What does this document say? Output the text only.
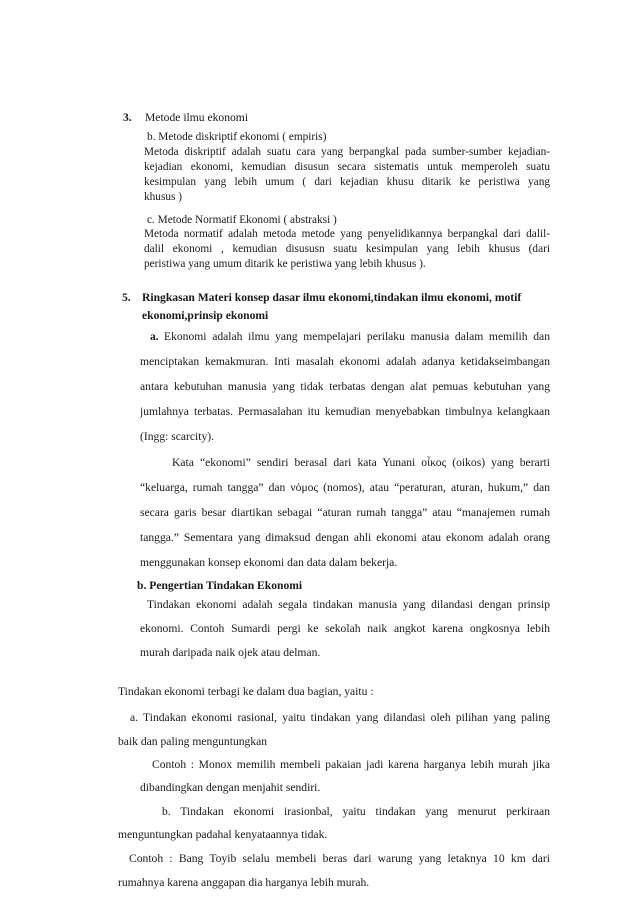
3. Metode ilmu ekonomi

b. Metode diskriptif ekonomi ( empiris)

Metoda diskriptif adalah suatu cara yang berpangkal pada sumber-sumber kejadian-

kejadian ekonomi, kemudian disusun secara sistematis untuk memperoleh suatu

kesimpulan yang lebih umum ( dari kejadian khusu ditarik ke peristiwa yang

khusus )

c. Metode Normatif Ekonomi ( abstraksi )

Metoda normatif adalah metoda metode yang penyelidikannya berpangkal dari dalil-

dalil ekonomi , kemudian disususn suatu kesimpulan yang lebih khusus (dari

peristiwa yang umum ditarik ke peristiwa yang lebih khusus ).

5. Ringkasan Materi konsep dasar ilmu ekonomi,tindakan ilmu ekonomi, motif

ekonomi,prinsip ekonomi

a. Ekonomi adalah ilmu yang mempelajari perilaku manusia dalam memilih dan

menciptakan kemakmuran. Inti masalah ekonomi adalah adanya ketidakseimbangan

antara kebutuhan manusia yang tidak terbatas dengan alat pemuas kebutuhan yang

jumlahnya terbatas. Permasalahan itu kemudian menyebabkan timbulnya kelangkaan

(Ingg: scarcity).

Kata “ekonomi” sendiri berasal dari kata Yunani οἶκος (oikos) yang berarti

“keluarga, rumah tangga” dan νόμος (nomos), atau “peraturan, aturan, hukum,” dan

secara garis besar diartikan sebagai “aturan rumah tangga” atau “manajemen rumah

tangga.” Sementara yang dimaksud dengan ahli ekonomi atau ekonom adalah orang

menggunakan konsep ekonomi dan data dalam bekerja.

b. Pengertian Tindakan Ekonomi

Tindakan ekonomi adalah segala tindakan manusia yang dilandasi dengan prinsip

ekonomi. Contoh Sumardi pergi ke sekolah naik angkot karena ongkosnya lebih

murah daripada naik ojek atau delman.

Tindakan ekonomi terbagi ke dalam dua bagian, yaitu :

a. Tindakan ekonomi rasional, yaitu tindakan yang dilandasi oleh pilihan yang paling

baik dan paling menguntungkan

Contoh : Monox memilih membeli pakaian jadi karena harganya lebih murah jika

dibandingkan dengan menjahit sendiri.

b. Tindakan ekonomi irasionbal, yaitu tindakan yang menurut perkiraan

menguntungkan padahal kenyataannya tidak.

Contoh : Bang Toyib selalu membeli beras dari warung yang letaknya 10 km dari

rumahnya karena anggapan dia harganya lebih murah.
